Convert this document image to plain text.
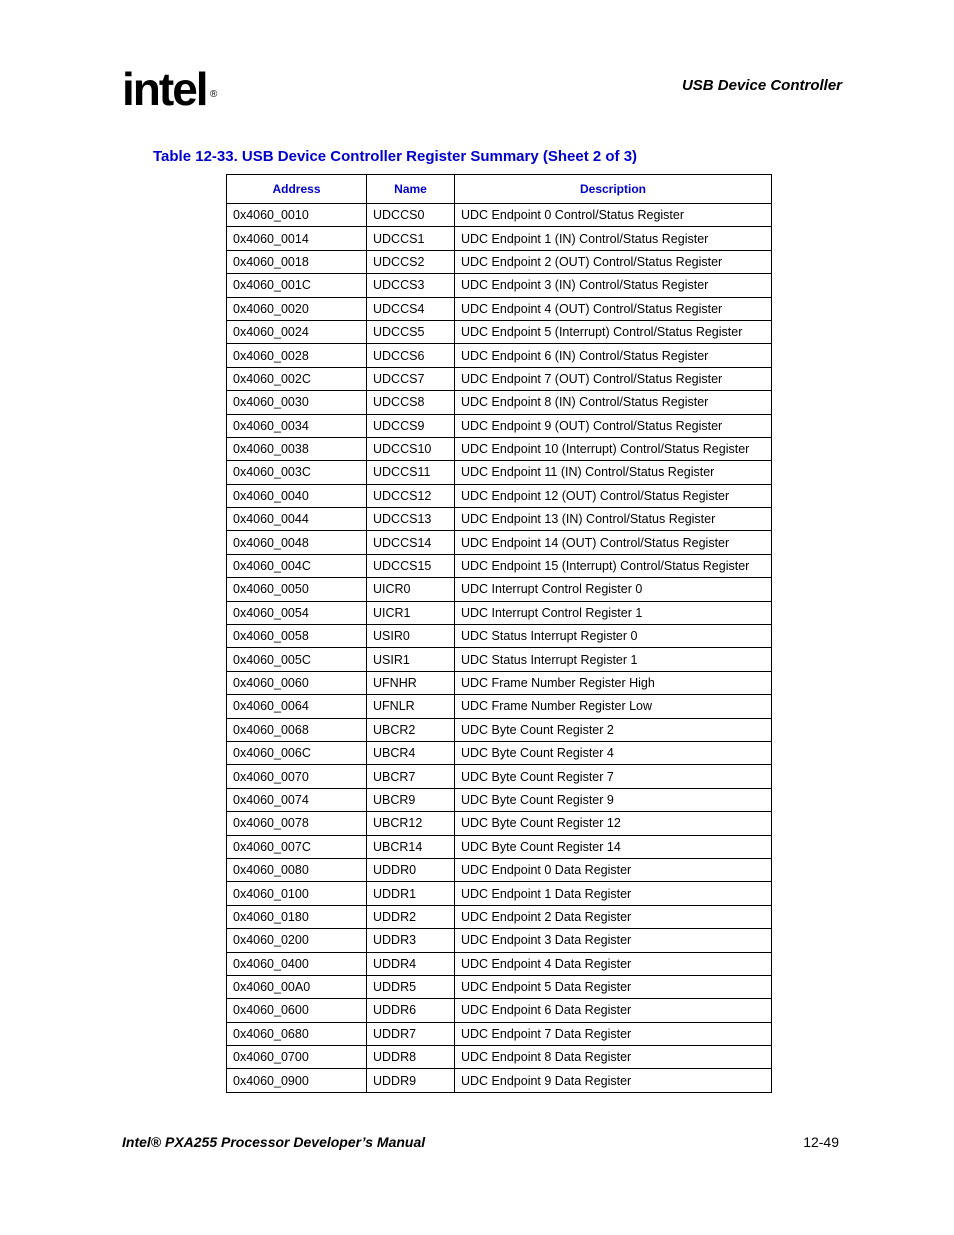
intel ®
USB Device Controller
Table 12-33. USB Device Controller Register Summary (Sheet 2 of 3)
Address	Name	Description
0x4060_0010	UDCCS0	UDC Endpoint 0 Control/Status Register
0x4060_0014	UDCCS1	UDC Endpoint 1 (IN) Control/Status Register
0x4060_0018	UDCCS2	UDC Endpoint 2 (OUT) Control/Status Register
0x4060_001C	UDCCS3	UDC Endpoint 3 (IN) Control/Status Register
0x4060_0020	UDCCS4	UDC Endpoint 4 (OUT) Control/Status Register
0x4060_0024	UDCCS5	UDC Endpoint 5 (Interrupt) Control/Status Register
0x4060_0028	UDCCS6	UDC Endpoint 6 (IN) Control/Status Register
0x4060_002C	UDCCS7	UDC Endpoint 7 (OUT) Control/Status Register
0x4060_0030	UDCCS8	UDC Endpoint 8 (IN) Control/Status Register
0x4060_0034	UDCCS9	UDC Endpoint 9 (OUT) Control/Status Register
0x4060_0038	UDCCS10	UDC Endpoint 10 (Interrupt) Control/Status Register
0x4060_003C	UDCCS11	UDC Endpoint 11 (IN) Control/Status Register
0x4060_0040	UDCCS12	UDC Endpoint 12 (OUT) Control/Status Register
0x4060_0044	UDCCS13	UDC Endpoint 13 (IN) Control/Status Register
0x4060_0048	UDCCS14	UDC Endpoint 14 (OUT) Control/Status Register
0x4060_004C	UDCCS15	UDC Endpoint 15 (Interrupt) Control/Status Register
0x4060_0050	UICR0	UDC Interrupt Control Register 0
0x4060_0054	UICR1	UDC Interrupt Control Register 1
0x4060_0058	USIR0	UDC Status Interrupt Register 0
0x4060_005C	USIR1	UDC Status Interrupt Register 1
0x4060_0060	UFNHR	UDC Frame Number Register High
0x4060_0064	UFNLR	UDC Frame Number Register Low
0x4060_0068	UBCR2	UDC Byte Count Register 2
0x4060_006C	UBCR4	UDC Byte Count Register 4
0x4060_0070	UBCR7	UDC Byte Count Register 7
0x4060_0074	UBCR9	UDC Byte Count Register 9
0x4060_0078	UBCR12	UDC Byte Count Register 12
0x4060_007C	UBCR14	UDC Byte Count Register 14
0x4060_0080	UDDR0	UDC Endpoint 0 Data Register
0x4060_0100	UDDR1	UDC Endpoint 1 Data Register
0x4060_0180	UDDR2	UDC Endpoint 2 Data Register
0x4060_0200	UDDR3	UDC Endpoint 3 Data Register
0x4060_0400	UDDR4	UDC Endpoint 4 Data Register
0x4060_00A0	UDDR5	UDC Endpoint 5 Data Register
0x4060_0600	UDDR6	UDC Endpoint 6 Data Register
0x4060_0680	UDDR7	UDC Endpoint 7 Data Register
0x4060_0700	UDDR8	UDC Endpoint 8 Data Register
0x4060_0900	UDDR9	UDC Endpoint 9 Data Register
Intel® PXA255 Processor Developer’s Manual	12-49
